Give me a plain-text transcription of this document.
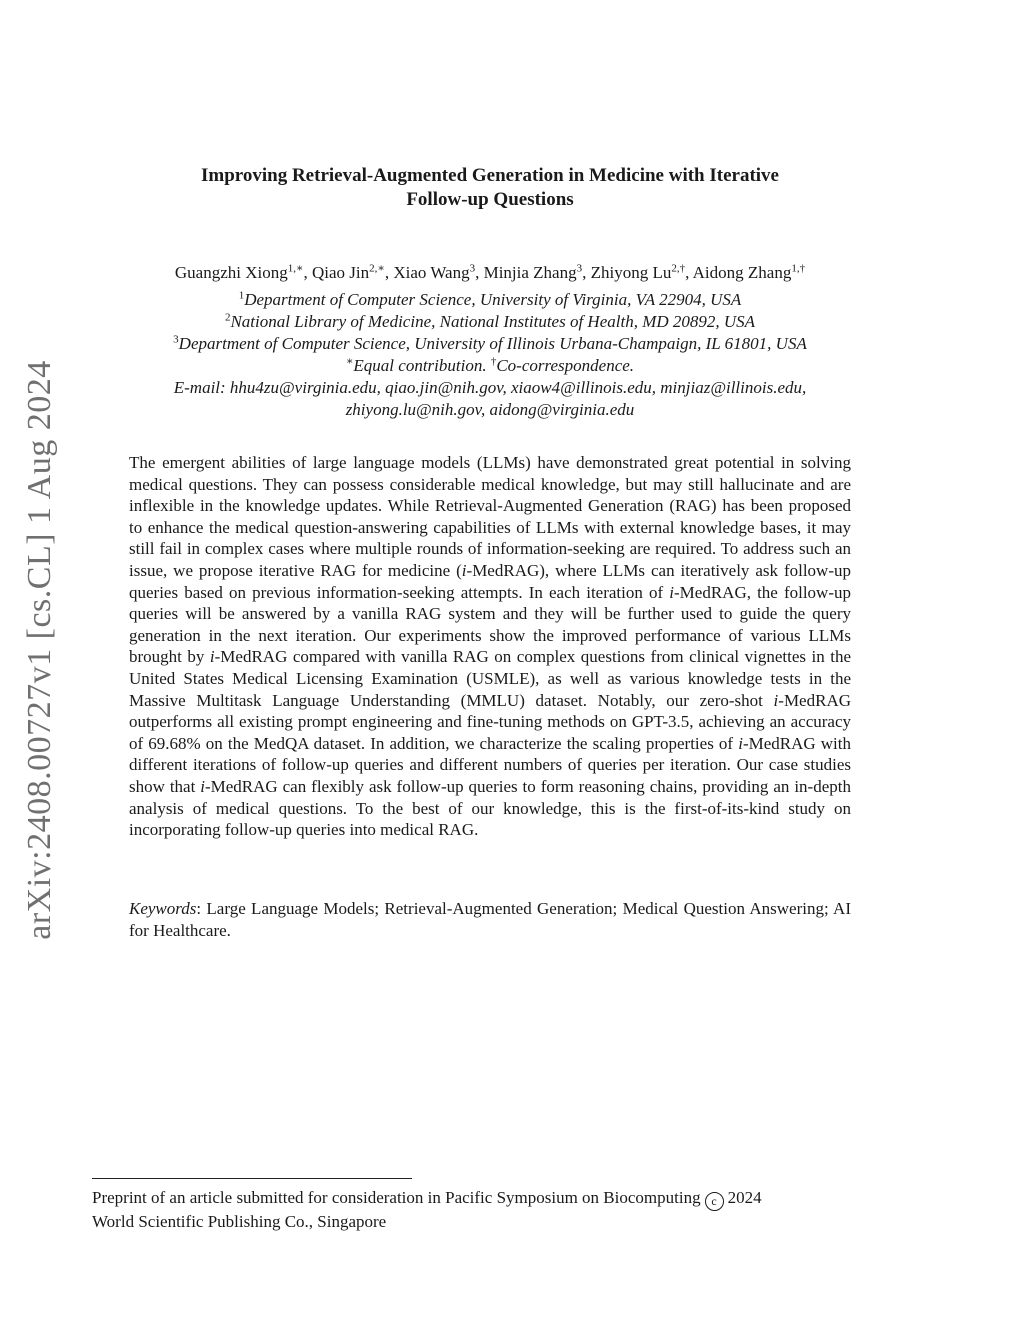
arXiv:2408.00727v1 [cs.CL] 1 Aug 2024
Improving Retrieval-Augmented Generation in Medicine with Iterative
Follow-up Questions
Guangzhi Xiong$^{1,∗}$, Qiao Jin$^{2,∗}$, Xiao Wang$^3$, Minjia Zhang$^3$, Zhiyong $Lu^{2,\dagger}$, Aidong Zhang$^{1,\dagger}$
$^1$Department of Computer Science, University of Virginia, VA 22904, USA
$^2$National Library of Medicine, National Institutes of Health, MD 20892, USA
$^3$Department of Computer Science, University of Illinois Urbana-Champaign, IL 61801, USA
∗Equal contribution. †Co-correspondence.
E-mail: hhu4zu@virginia.edu, qiao.jin@nih.gov, xiaow4@illinois.edu, minjiaz@illinois.edu,
zhiyong.lu@nih.gov, aidong@virginia.edu
The emergent abilities of large language models (LLMs) have demonstrated great potential in solving medical questions. They can possess considerable medical knowledge, but may still hallucinate and are inflexible in the knowledge updates. While Retrieval-Augmented Generation (RAG) has been proposed to enhance the medical question-answering capabilities of LLMs with external knowledge bases, it may still fail in complex cases where multiple rounds of information-seeking are required. To address such an issue, we propose iterative RAG for medicine (i-MedRAG), where LLMs can iteratively ask follow-up queries based on previous information-seeking attempts. In each iteration of i-MedRAG, the follow-up queries will be answered by a vanilla RAG system and they will be further used to guide the query generation in the next iteration. Our experiments show the improved performance of various LLMs brought by i-MedRAG compared with vanilla RAG on complex questions from clinical vignettes in the United States Medical Licensing Examination (USMLE), as well as various knowledge tests in the Massive Multitask Language Understanding (MMLU) dataset. Notably, our zero-shot i-MedRAG outperforms all existing prompt engineering and fine-tuning methods on GPT-3.5, achieving an accuracy of 69.68% on the MedQA dataset. In addition, we characterize the scaling properties of i-MedRAG with different iterations of follow-up queries and different numbers of queries per iteration. Our case studies show that i-MedRAG can flexibly ask follow-up queries to form reasoning chains, providing an in-depth analysis of medical questions. To the best of our knowledge, this is the first-of-its-kind study on incorporating follow-up queries into medical RAG.
Keywords: Large Language Models; Retrieval-Augmented Generation; Medical Question Answering; AI for Healthcare.
Preprint of an article submitted for consideration in Pacific Symposium on Biocomputing c 2024
World Scientific Publishing Co., Singapore
